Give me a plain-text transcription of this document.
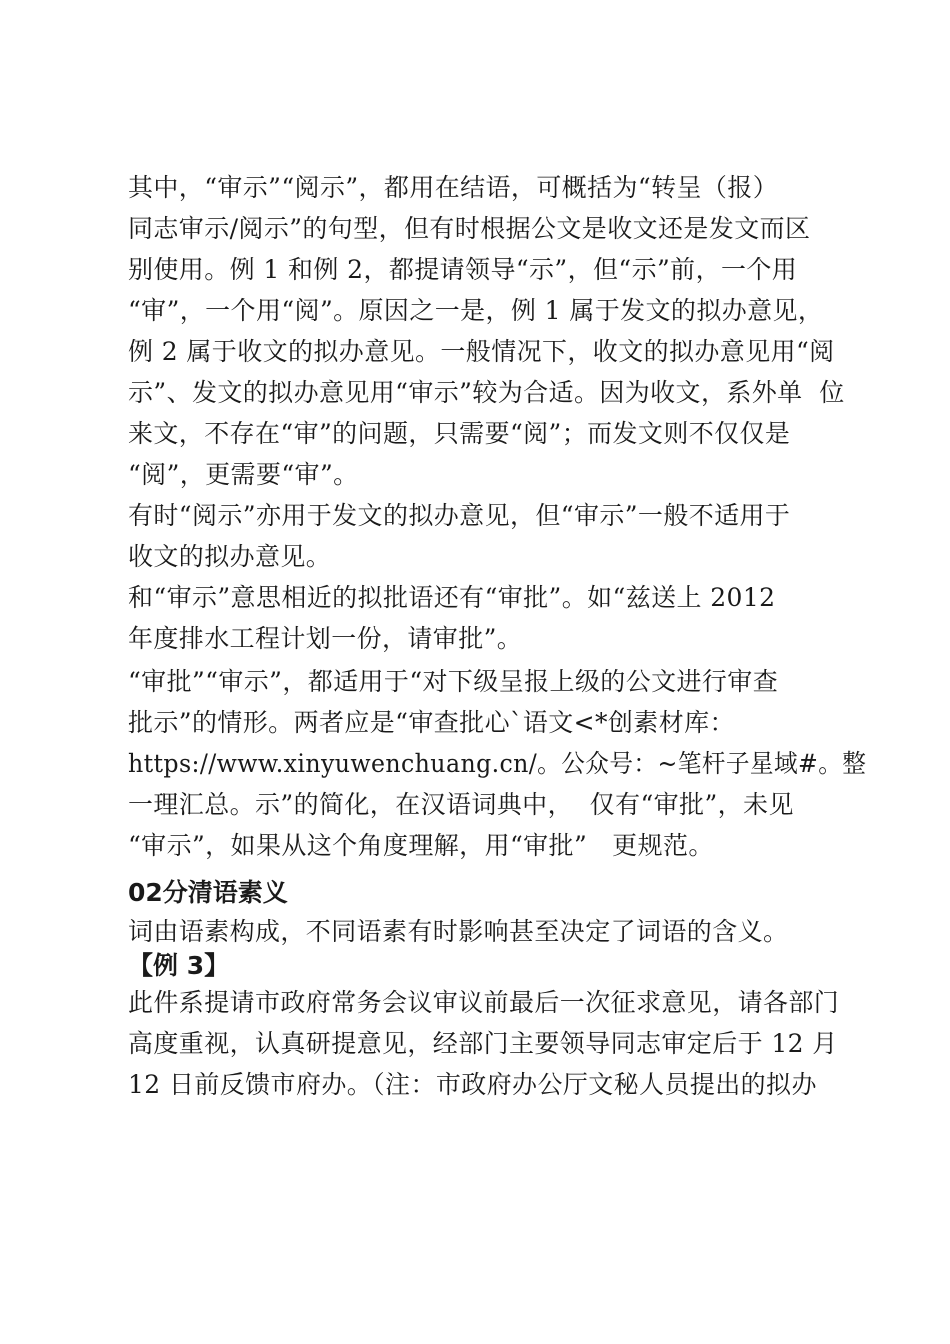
其中，“审示”“阅示”，都用在结语，可概括为“转呈（报）
同志审示/阅示”的句型，但有时根据公文是收文还是发文而区
别使用。例 1 和例 2，都提请领导“示”，但“示”前，一个用
“审”，一个用“阅”。原因之一是，例 1 属于发文的拟办意见，
例 2 属于收文的拟办意见。一般情况下，收文的拟办意见用“阅
示”、发文的拟办意见用“审示”较为合适。因为收文，系外单  位
来文，不存在“审”的问题，只需要“阅”；而发文则不仅仅是
“阅”，更需要“审”。
有时“阅示”亦用于发文的拟办意见，但“审示”一般不适用于
收文的拟办意见。
和“审示”意思相近的拟批语还有“审批”。如“兹送上 2012
年度排水工程计划一份，请审批”。
“审批”“审示”，都适用于“对下级呈报上级的公文进行审查
批示”的情形。两者应是“审查批心`语文<*创素材库：
https://www.xinyuwenchuang.cn/。公众号：~笔杆子星域#。整
一理汇总。示”的简化，在汉语词典中，  仅有“审批”，未见
“审示”，如果从这个角度理解，用“审批”   更规范。
02分清语素义
词由语素构成，不同语素有时影响甚至决定了词语的含义。
【例 3】
此件系提请市政府常务会议审议前最后一次征求意见，请各部门
高度重视，认真研提意见，经部门主要领导同志审定后于 12 月
12 日前反馈市府办。（注：市政府办公厅文秘人员提出的拟办
